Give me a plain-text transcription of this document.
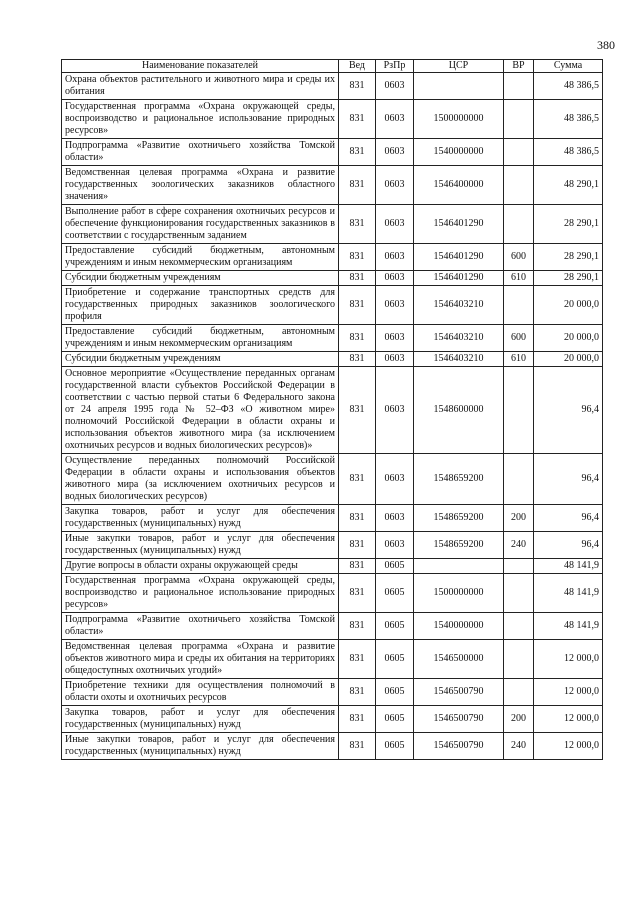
380
Наименование показателей	Вед	РзПр	ЦСР	ВР	Сумма
Охрана объектов растительного и животного мира и среды их обитания	831	0603			48 386,5
Государственная программа «Охрана окружающей среды, воспроизводство и рациональное использование природных ресурсов»	831	0603	1500000000		48 386,5
Подпрограмма «Развитие охотничьего хозяйства Томской области»	831	0603	1540000000		48 386,5
Ведомственная целевая программа «Охрана и развитие государственных зоологических заказников областного значения»	831	0603	1546400000		48 290,1
Выполнение работ в сфере сохранения охотничьих ресурсов и обеспечение функционирования государственных заказников в соответствии с государственным заданием	831	0603	1546401290		28 290,1
Предоставление субсидий бюджетным, автономным учреждениям и иным некоммерческим организациям	831	0603	1546401290	600	28 290,1
Субсидии бюджетным учреждениям	831	0603	1546401290	610	28 290,1
Приобретение и содержание транспортных средств для государственных природных заказников зоологического профиля	831	0603	1546403210		20 000,0
Предоставление субсидий бюджетным, автономным учреждениям и иным некоммерческим организациям	831	0603	1546403210	600	20 000,0
Субсидии бюджетным учреждениям	831	0603	1546403210	610	20 000,0
Основное мероприятие «Осуществление переданных органам государственной власти субъектов Российской Федерации в соответствии с частью первой статьи 6 Федерального закона от 24 апреля 1995 года № 52–ФЗ «О животном мире» полномочий Российской Федерации в области охраны и использования объектов животного мира (за исключением охотничьих ресурсов и водных биологических ресурсов)»	831	0603	1548600000		96,4
Осуществление переданных полномочий Российской Федерации в области охраны и использования объектов животного мира (за исключением охотничьих ресурсов и водных биологических ресурсов)	831	0603	1548659200		96,4
Закупка товаров, работ и услуг для обеспечения государственных (муниципальных) нужд	831	0603	1548659200	200	96,4
Иные закупки товаров, работ и услуг для обеспечения государственных (муниципальных) нужд	831	0603	1548659200	240	96,4
Другие вопросы в области охраны окружающей среды	831	0605			48 141,9
Государственная программа «Охрана окружающей среды, воспроизводство и рациональное использование природных ресурсов»	831	0605	1500000000		48 141,9
Подпрограмма «Развитие охотничьего хозяйства Томской области»	831	0605	1540000000		48 141,9
Ведомственная целевая программа «Охрана и развитие объектов животного мира и среды их обитания на территориях общедоступных охотничьих угодий»	831	0605	1546500000		12 000,0
Приобретение техники для осуществления полномочий в области охоты и охотничьих ресурсов	831	0605	1546500790		12 000,0
Закупка товаров, работ и услуг для обеспечения государственных (муниципальных) нужд	831	0605	1546500790	200	12 000,0
Иные закупки товаров, работ и услуг для обеспечения государственных (муниципальных) нужд	831	0605	1546500790	240	12 000,0
